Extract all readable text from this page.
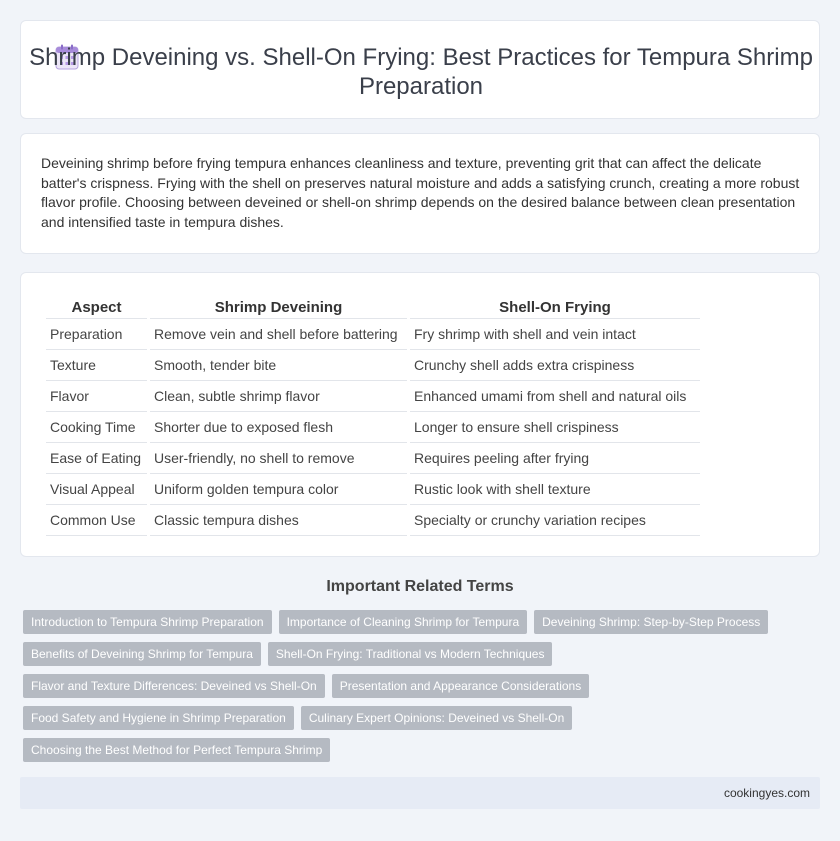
Shrimp Deveining vs. Shell-On Frying: Best Practices for Tempura Shrimp Preparation

Deveining shrimp before frying tempura enhances cleanliness and texture, preventing grit that can affect the delicate batter's crispness. Frying with the shell on preserves natural moisture and adds a satisfying crunch, creating a more robust flavor profile. Choosing between deveined or shell-on shrimp depends on the desired balance between clean presentation and intensified taste in tempura dishes.

Aspect	Shrimp Deveining	Shell-On Frying
Preparation	Remove vein and shell before battering	Fry shrimp with shell and vein intact
Texture	Smooth, tender bite	Crunchy shell adds extra crispiness
Flavor	Clean, subtle shrimp flavor	Enhanced umami from shell and natural oils
Cooking Time	Shorter due to exposed flesh	Longer to ensure shell crispiness
Ease of Eating	User-friendly, no shell to remove	Requires peeling after frying
Visual Appeal	Uniform golden tempura color	Rustic look with shell texture
Common Use	Classic tempura dishes	Specialty or crunchy variation recipes
Important Related Terms
Introduction to Tempura Shrimp Preparation	Importance of Cleaning Shrimp for Tempura	Deveining Shrimp: Step-by-Step Process
Benefits of Deveining Shrimp for Tempura	Shell-On Frying: Traditional vs Modern Techniques
Flavor and Texture Differences: Deveined vs Shell-On	Presentation and Appearance Considerations
Food Safety and Hygiene in Shrimp Preparation	Culinary Expert Opinions: Deveined vs Shell-On
Choosing the Best Method for Perfect Tempura Shrimp
cookingyes.com
